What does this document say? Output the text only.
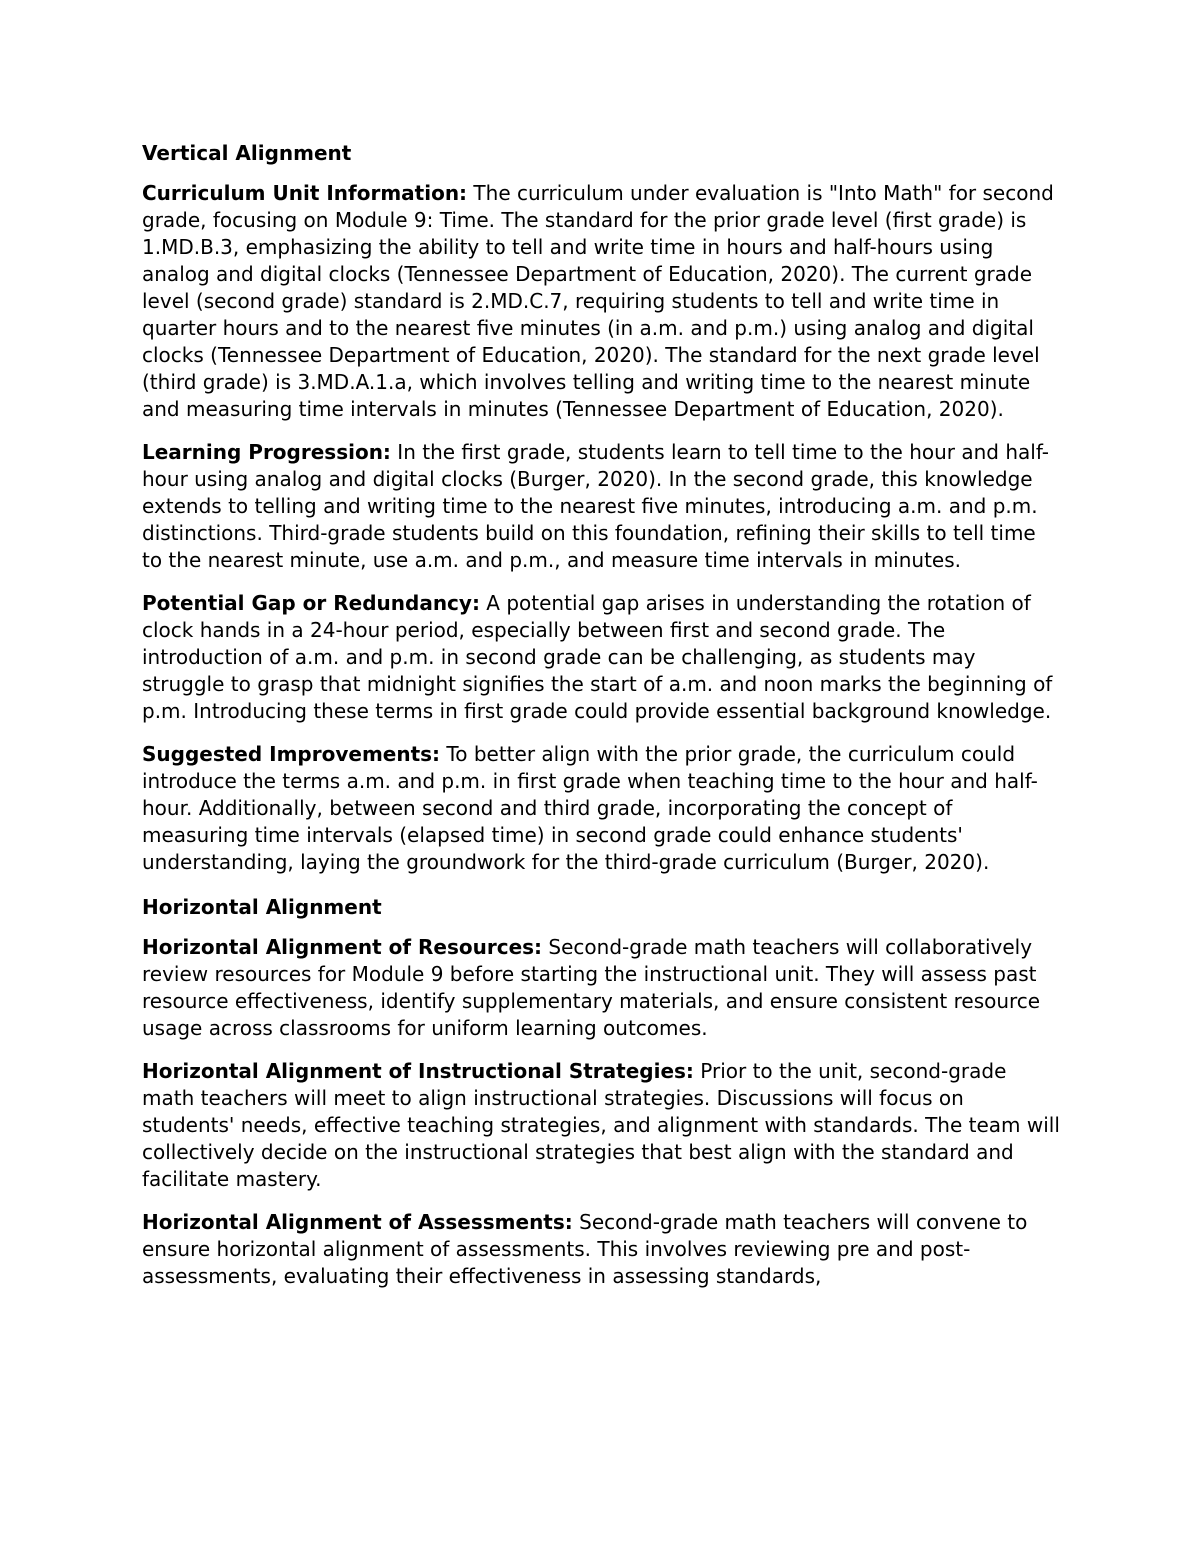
Vertical Alignment

Curriculum Unit Information: The curriculum under evaluation is "Into Math" for second grade, focusing on Module 9: Time. The standard for the prior grade level (first grade) is 1.MD.B.3, emphasizing the ability to tell and write time in hours and half-hours using analog and digital clocks (Tennessee Department of Education, 2020). The current grade level (second grade) standard is 2.MD.C.7, requiring students to tell and write time in quarter hours and to the nearest five minutes (in a.m. and p.m.) using analog and digital clocks (Tennessee Department of Education, 2020). The standard for the next grade level (third grade) is 3.MD.A.1.a, which involves telling and writing time to the nearest minute and measuring time intervals in minutes (Tennessee Department of Education, 2020).

Learning Progression: In the first grade, students learn to tell time to the hour and half-hour using analog and digital clocks (Burger, 2020). In the second grade, this knowledge extends to telling and writing time to the nearest five minutes, introducing a.m. and p.m. distinctions. Third-grade students build on this foundation, refining their skills to tell time to the nearest minute, use a.m. and p.m., and measure time intervals in minutes.

Potential Gap or Redundancy: A potential gap arises in understanding the rotation of clock hands in a 24-hour period, especially between first and second grade. The introduction of a.m. and p.m. in second grade can be challenging, as students may struggle to grasp that midnight signifies the start of a.m. and noon marks the beginning of p.m. Introducing these terms in first grade could provide essential background knowledge.

Suggested Improvements: To better align with the prior grade, the curriculum could introduce the terms a.m. and p.m. in first grade when teaching time to the hour and half-hour. Additionally, between second and third grade, incorporating the concept of measuring time intervals (elapsed time) in second grade could enhance students' understanding, laying the groundwork for the third-grade curriculum (Burger, 2020).

Horizontal Alignment

Horizontal Alignment of Resources: Second-grade math teachers will collaboratively review resources for Module 9 before starting the instructional unit. They will assess past resource effectiveness, identify supplementary materials, and ensure consistent resource usage across classrooms for uniform learning outcomes.

Horizontal Alignment of Instructional Strategies: Prior to the unit, second-grade math teachers will meet to align instructional strategies. Discussions will focus on students' needs, effective teaching strategies, and alignment with standards. The team will collectively decide on the instructional strategies that best align with the standard and facilitate mastery.

Horizontal Alignment of Assessments: Second-grade math teachers will convene to ensure horizontal alignment of assessments. This involves reviewing pre and post-assessments, evaluating their effectiveness in assessing standards,
